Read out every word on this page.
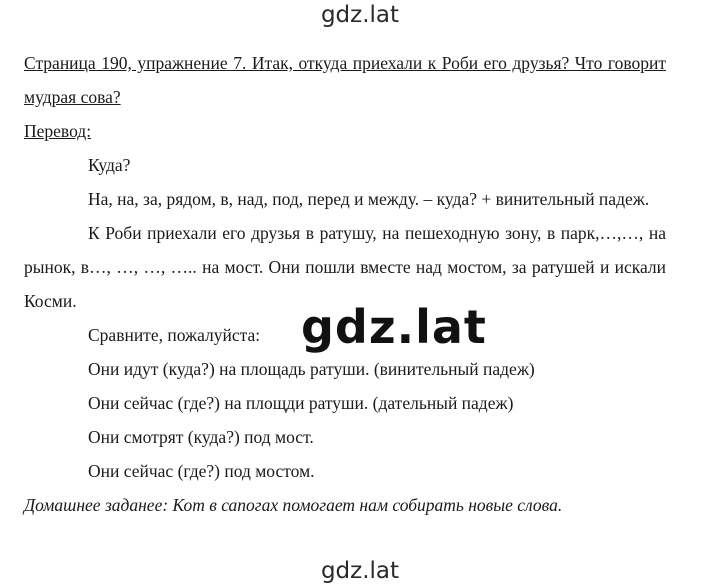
gdz.lat

Страница 190, упражнение 7. Итак, откуда приехали к Роби его друзья? Что говорит мудрая сова?

Перевод:

Куда?

На, на, за, рядом, в, над, под, перед и между. – куда? + винительный падеж.

К Роби приехали его друзья в ратушу, на пешеходную зону, в парк,…,…, на рынок, в…, …, …, ….. на мост. Они пошли вместе над мостом, за ратушей и искали Косми.

Сравните, пожалуйста:

Они идут (куда?) на площадь ратуши. (винительный падеж)

Они сейчас (где?) на площди ратуши. (дательный падеж)

Они смотрят (куда?) под мост.

Они сейчас (где?) под мостом.

Домашнее заданее: Кот в сапогах помогает нам собирать новые слова.

gdz.lat
gdz.lat
